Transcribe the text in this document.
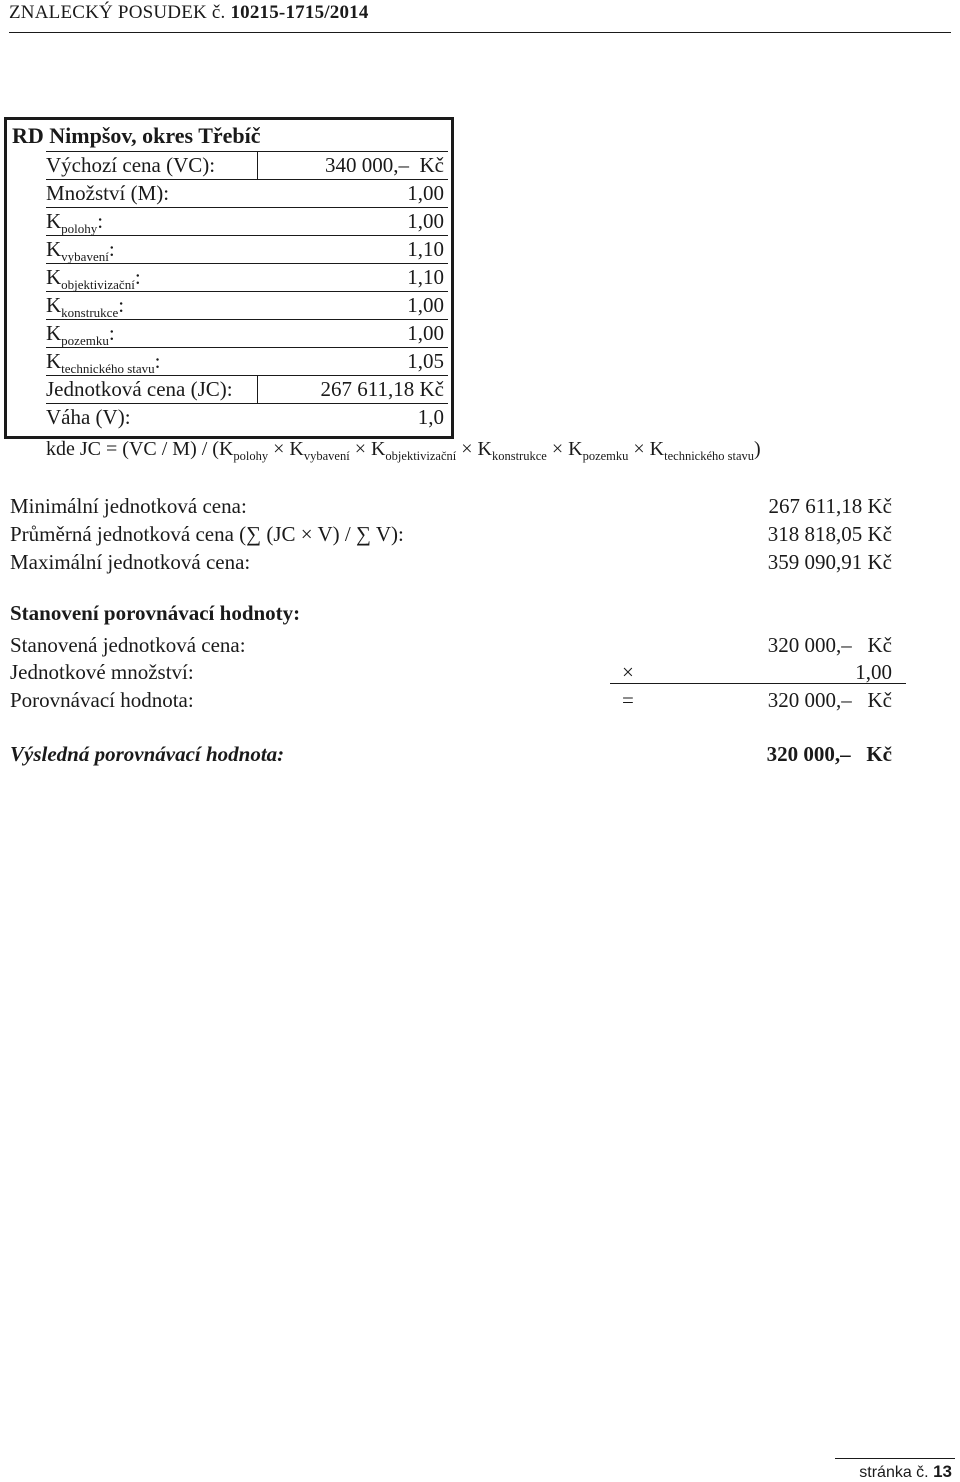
ZNALECKÝ POSUDEK č. 10215-1715/2014
RD Nimpšov, okres Třebíč
Výchozí cena (VC):	340 000,–  Kč
Množství (M):	1,00
$K_{polohy}$:	1,00
$K_{vybavení}$:	1,10
$K_{objektivizační}$:	1,10
$K_{konstrukce}$:	1,00
$K_{pozemku}$:	1,00
$K_{technického stavu}$:	1,05
Jednotková cena (JC):	267 611,18 Kč
Váha (V):	1,0
kde JC = $(VC / M) / (K_{polohy} \times K_{vybavení} \times K_{objektivizační} \times K_{konstrukce} \times K_{pozemku} \times K_{technického stavu})$
Minimální jednotková cena:	267 611,18 Kč
Průměrná jednotková cena (∑ (JC × V) / ∑ V):	318 818,05 Kč
Maximální jednotková cena:	359 090,91 Kč
Stanovení porovnávací hodnoty:
Stanovená jednotková cena:	320 000,–   Kč
Jednotkové množství:	×	1,00
Porovnávací hodnota:	=	320 000,–   Kč
Výsledná porovnávací hodnota:	320 000,–   Kč
stránka č. 13
